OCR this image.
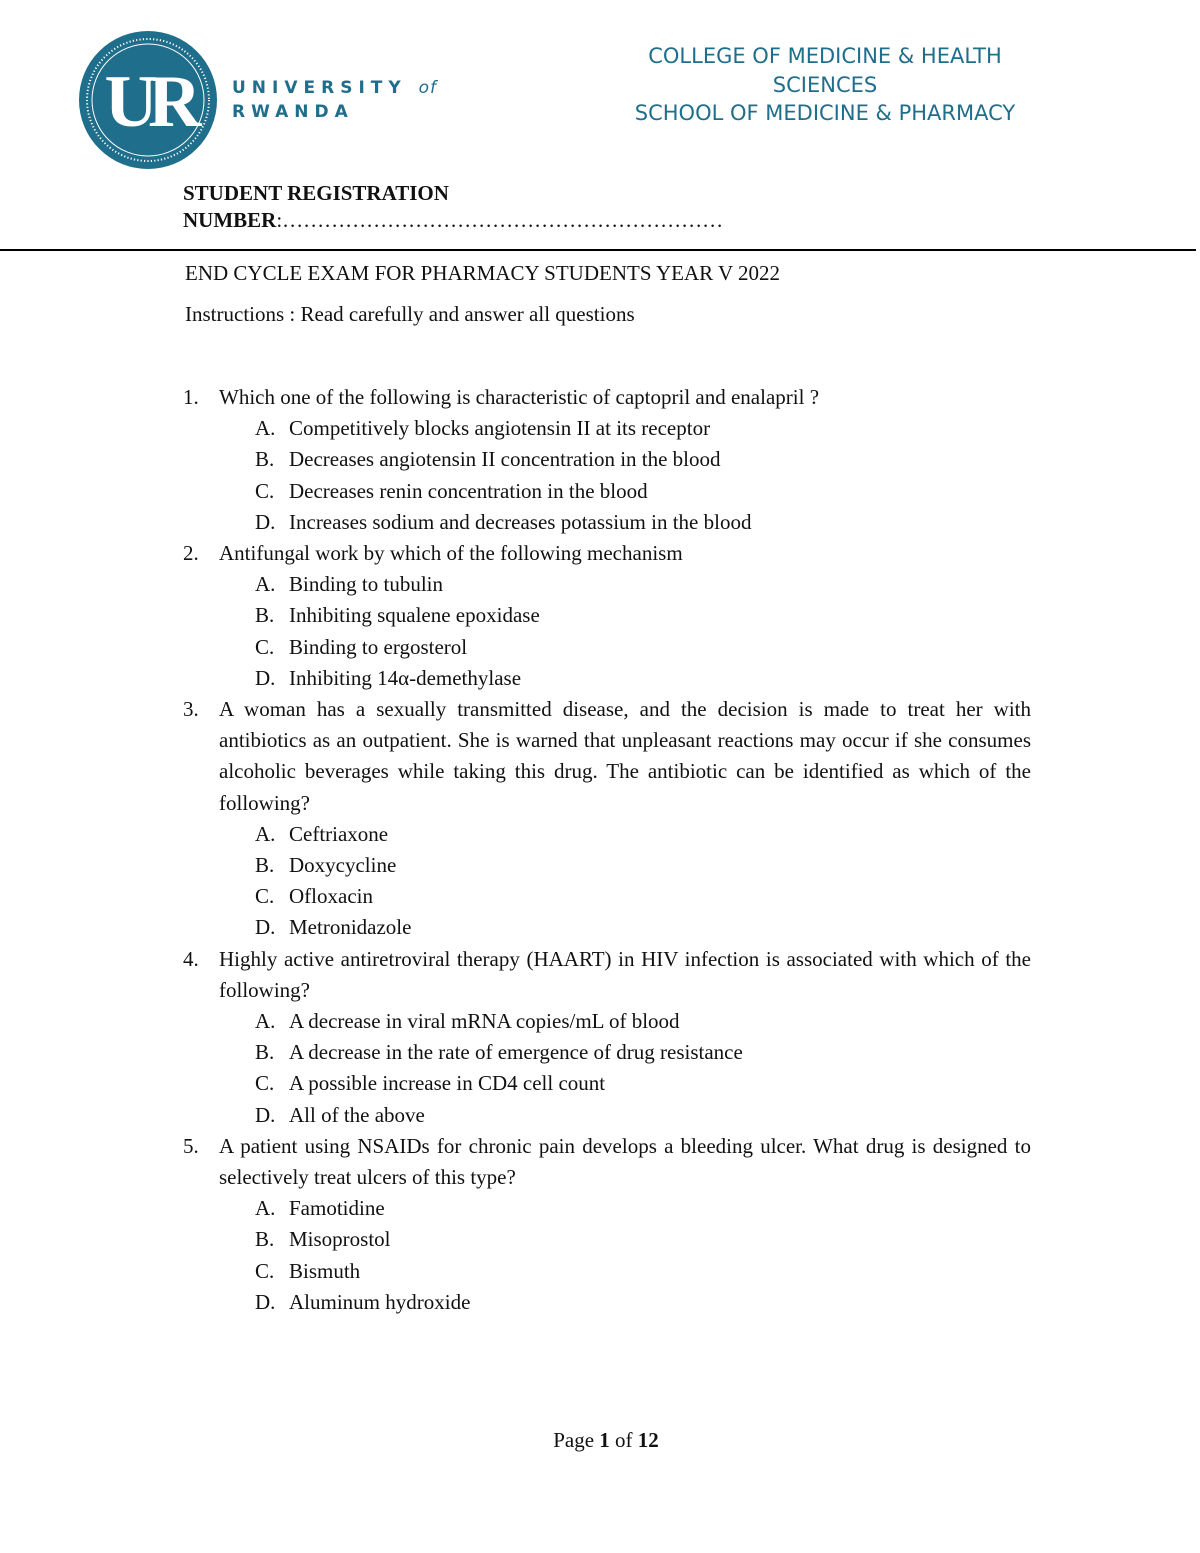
UR	UNIVERSITY of
RWANDA
COLLEGE OF MEDICINE & HEALTH
SCIENCES
SCHOOL OF MEDICINE & PHARMACY
STUDENT REGISTRATION
NUMBER:………………………………………………………
END CYCLE EXAM FOR PHARMACY STUDENTS YEAR V 2022
Instructions : Read carefully and answer all questions
1. Which one of the following is characteristic of captopril and enalapril ?
A. Competitively blocks angiotensin II at its receptor
B. Decreases angiotensin II concentration in the blood
C. Decreases renin concentration in the blood
D. Increases sodium and decreases potassium in the blood
2. Antifungal work by which of the following mechanism
A. Binding to tubulin
B. Inhibiting squalene epoxidase
C. Binding to ergosterol
D. Inhibiting 14α-demethylase
3. A woman has a sexually transmitted disease, and the decision is made to treat her with antibiotics as an outpatient. She is warned that unpleasant reactions may occur if she consumes alcoholic beverages while taking this drug. The antibiotic can be identified as which of the following?
A. Ceftriaxone
B. Doxycycline
C. Ofloxacin
D. Metronidazole
4. Highly active antiretroviral therapy (HAART) in HIV infection is associated with which of the following?
A. A decrease in viral mRNA copies/mL of blood
B. A decrease in the rate of emergence of drug resistance
C. A possible increase in CD4 cell count
D. All of the above
5. A patient using NSAIDs for chronic pain develops a bleeding ulcer. What drug is designed to selectively treat ulcers of this type?
A. Famotidine
B. Misoprostol
C. Bismuth
D. Aluminum hydroxide
Page 1 of 12
